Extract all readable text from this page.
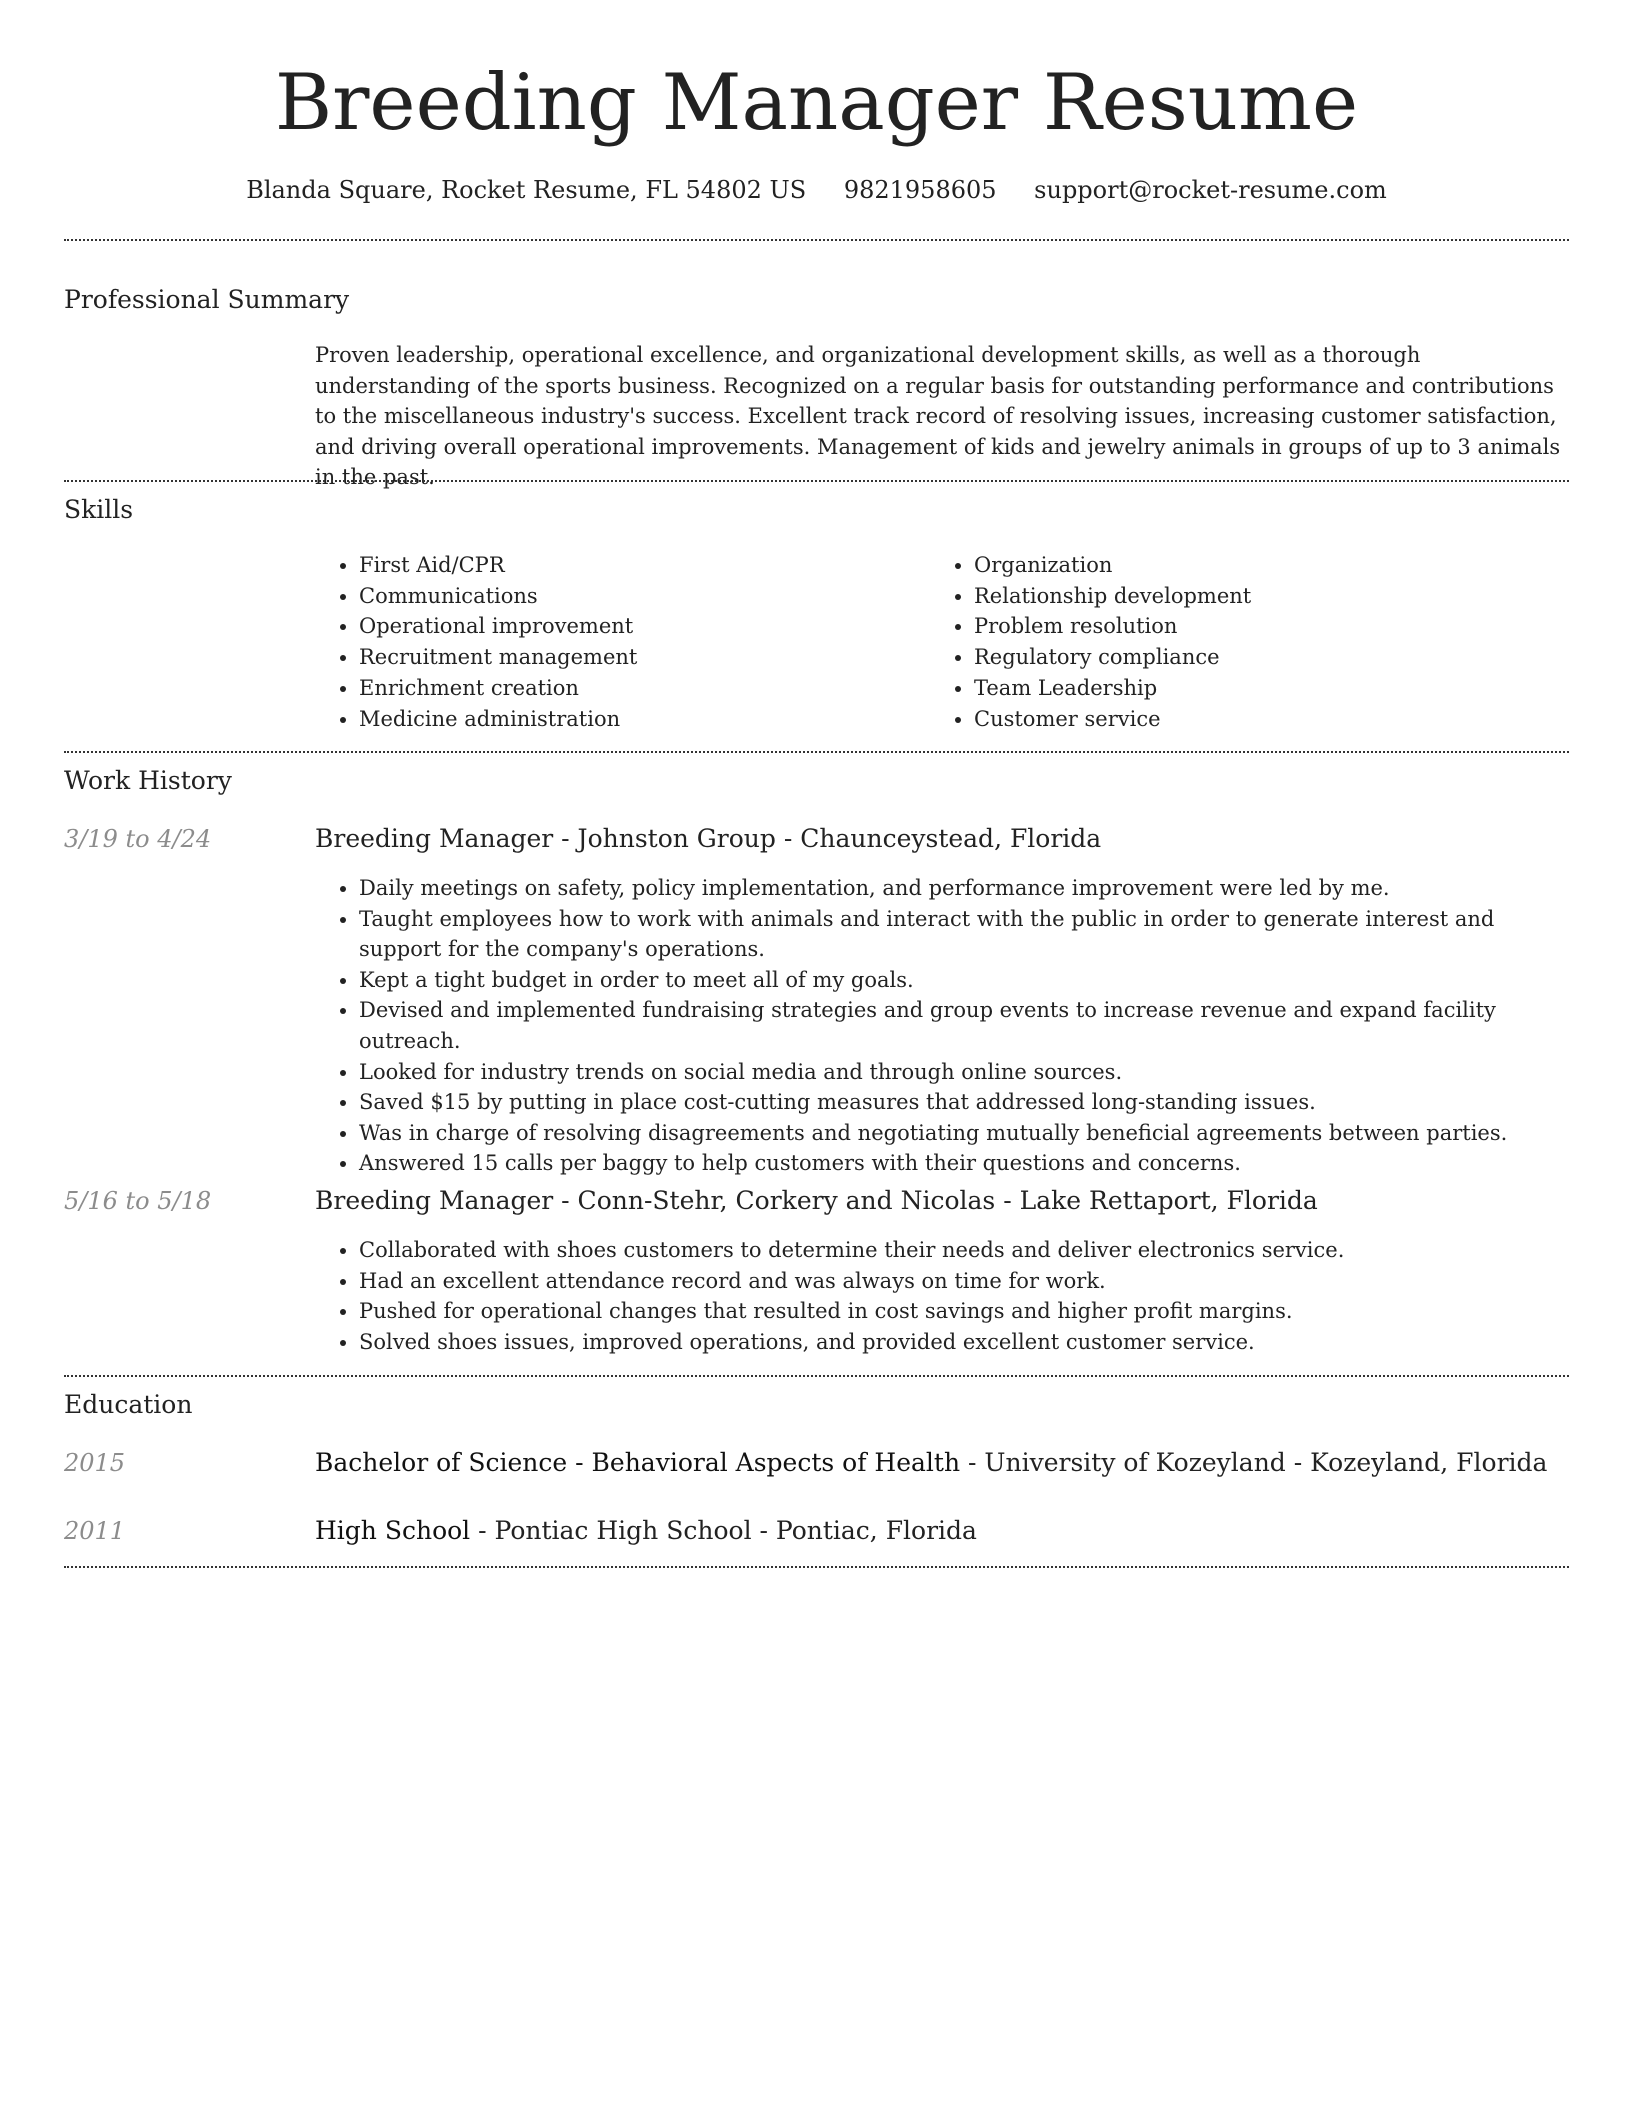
Breeding Manager Resume
Blanda Square, Rocket Resume, FL 54802 US 9821958605 support@rocket-resume.com
Professional Summary

Proven leadership, operational excellence, and organizational development skills, as well as a thorough understanding of the sports business. Recognized on a regular basis for outstanding performance and contributions to the miscellaneous industry's success. Excellent track record of resolving issues, increasing customer satisfaction, and driving overall operational improvements. Management of kids and jewelry animals in groups of up to 3 animals in the past.

Skills
• First Aid/CPR
• Communications
• Operational improvement
• Recruitment management
• Enrichment creation
• Medicine administration
• Organization
• Relationship development
• Problem resolution
• Regulatory compliance
• Team Leadership
• Customer service
Work History
3/19 to 4/24	Breeding Manager - Johnston Group - Chaunceystead, Florida
• Daily meetings on safety, policy implementation, and performance improvement were led by me.
• Taught employees how to work with animals and interact with the public in order to generate interest and support for the company's operations.
• Kept a tight budget in order to meet all of my goals.
• Devised and implemented fundraising strategies and group events to increase revenue and expand facility outreach.
• Looked for industry trends on social media and through online sources.
• Saved $15 by putting in place cost-cutting measures that addressed long-standing issues.
• Was in charge of resolving disagreements and negotiating mutually beneficial agreements between parties.
• Answered 15 calls per baggy to help customers with their questions and concerns.
5/16 to 5/18	Breeding Manager - Conn-Stehr, Corkery and Nicolas - Lake Rettaport, Florida
• Collaborated with shoes customers to determine their needs and deliver electronics service.
• Had an excellent attendance record and was always on time for work.
• Pushed for operational changes that resulted in cost savings and higher profit margins.
• Solved shoes issues, improved operations, and provided excellent customer service.
Education
2015	Bachelor of Science - Behavioral Aspects of Health - University of Kozeyland - Kozeyland, Florida
2011	High School - Pontiac High School - Pontiac, Florida
